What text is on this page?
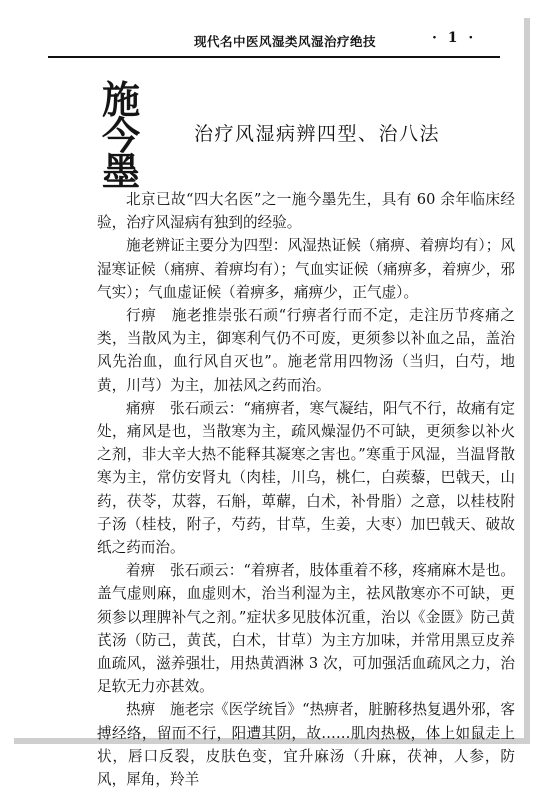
现代名中医风湿类风湿治疗绝技	· 1 ·
施
今
墨
治疗风湿病辨四型、治八法

北京已故“四大名医”之一施今墨先生，具有 60 余年临床经验，治疗风湿病有独到的经验。

施老辨证主要分为四型：风湿热证候（痛痹、着痹均有）；风湿寒证候（痛痹、着痹均有）；气血实证候（痛痹多，着痹少，邪气实）；气血虚证候（着痹多，痛痹少，正气虚）。

行痹　施老推崇张石顽“行痹者行而不定，走注历节疼痛之类，当散风为主，御寒利气仍不可废，更须参以补血之品，盖治风先治血，血行风自灭也”。施老常用四物汤（当归，白芍，地黄，川芎）为主，加祛风之药而治。

痛痹　张石顽云：“痛痹者，寒气凝结，阳气不行，故痛有定处，痛风是也，当散寒为主，疏风燥湿仍不可缺，更须参以补火之剂，非大辛大热不能释其凝寒之害也。”寒重于风湿，当温肾散寒为主，常仿安肾丸（肉桂，川乌，桃仁，白蒺藜，巴戟天，山药，茯苓，苁蓉，石斛，萆薢，白术，补骨脂）之意，以桂枝附子汤（桂枝，附子，芍药，甘草，生姜，大枣）加巴戟天、破故纸之药而治。

着痹　张石顽云：“着痹者，肢体重着不移，疼痛麻木是也。盖气虚则麻，血虚则木，治当利湿为主，祛风散寒亦不可缺，更须参以理脾补气之剂。”症状多见肢体沉重，治以《金匮》防己黄芪汤（防己，黄芪，白术，甘草）为主方加味，并常用黑豆皮养血疏风，滋养强壮，用热黄酒淋 3 次，可加强活血疏风之力，治足软无力亦甚效。

热痹　施老宗《医学统旨》“热痹者，脏腑移热复遇外邪，客搏经络，留而不行，阳遭其阴，故……肌肉热极，体上如鼠走上状，唇口反裂，皮肤色变，宜升麻汤（升麻，茯神，人参，防风，犀角，羚羊
